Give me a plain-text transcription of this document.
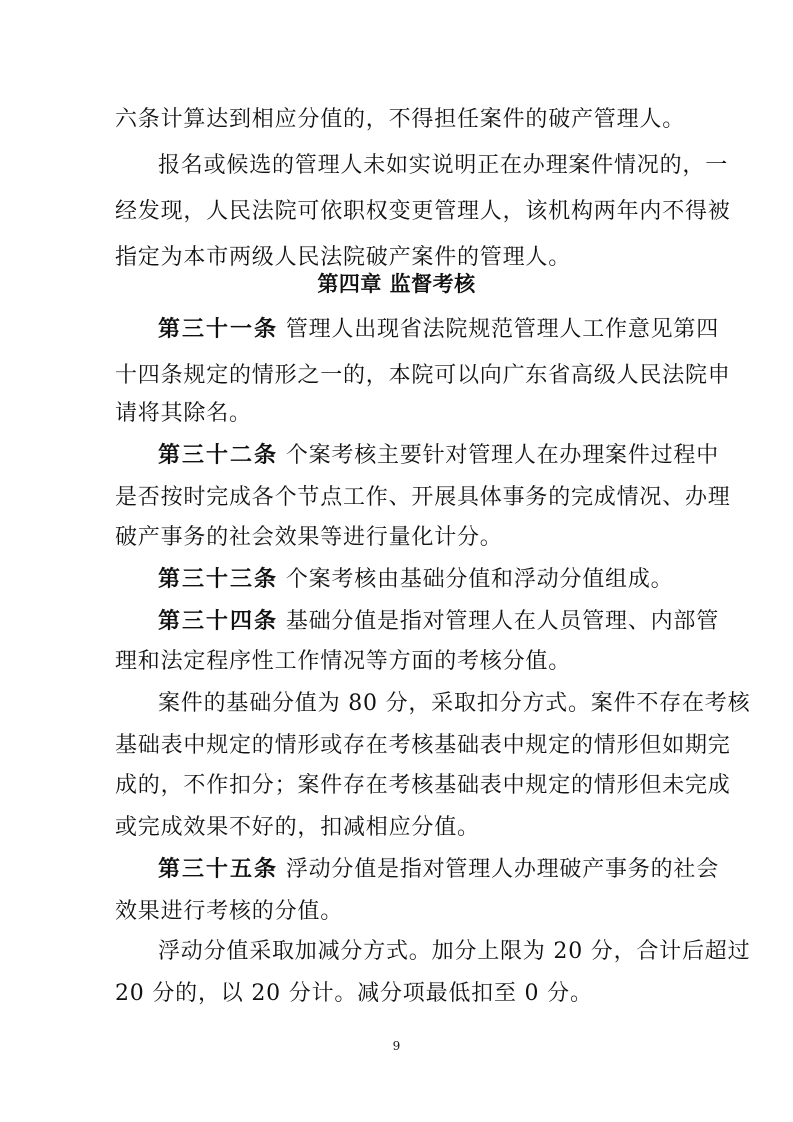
六条计算达到相应分值的，不得担任案件的破产管理人。
报名或候选的管理人未如实说明正在办理案件情况的，一
经发现，人民法院可依职权变更管理人，该机构两年内不得被
指定为本市两级人民法院破产案件的管理人。
第四章 监督考核
第三十一条 管理人出现省法院规范管理人工作意见第四
十四条规定的情形之一的，本院可以向广东省高级人民法院申
请将其除名。
第三十二条 个案考核主要针对管理人在办理案件过程中
是否按时完成各个节点工作、开展具体事务的完成情况、办理
破产事务的社会效果等进行量化计分。
第三十三条 个案考核由基础分值和浮动分值组成。
第三十四条 基础分值是指对管理人在人员管理、内部管
理和法定程序性工作情况等方面的考核分值。
案件的基础分值为 80 分，采取扣分方式。案件不存在考核
基础表中规定的情形或存在考核基础表中规定的情形但如期完
成的，不作扣分；案件存在考核基础表中规定的情形但未完成
或完成效果不好的，扣减相应分值。
第三十五条 浮动分值是指对管理人办理破产事务的社会
效果进行考核的分值。
浮动分值采取加减分方式。加分上限为 20 分，合计后超过
20 分的，以 20 分计。减分项最低扣至 0 分。
9
